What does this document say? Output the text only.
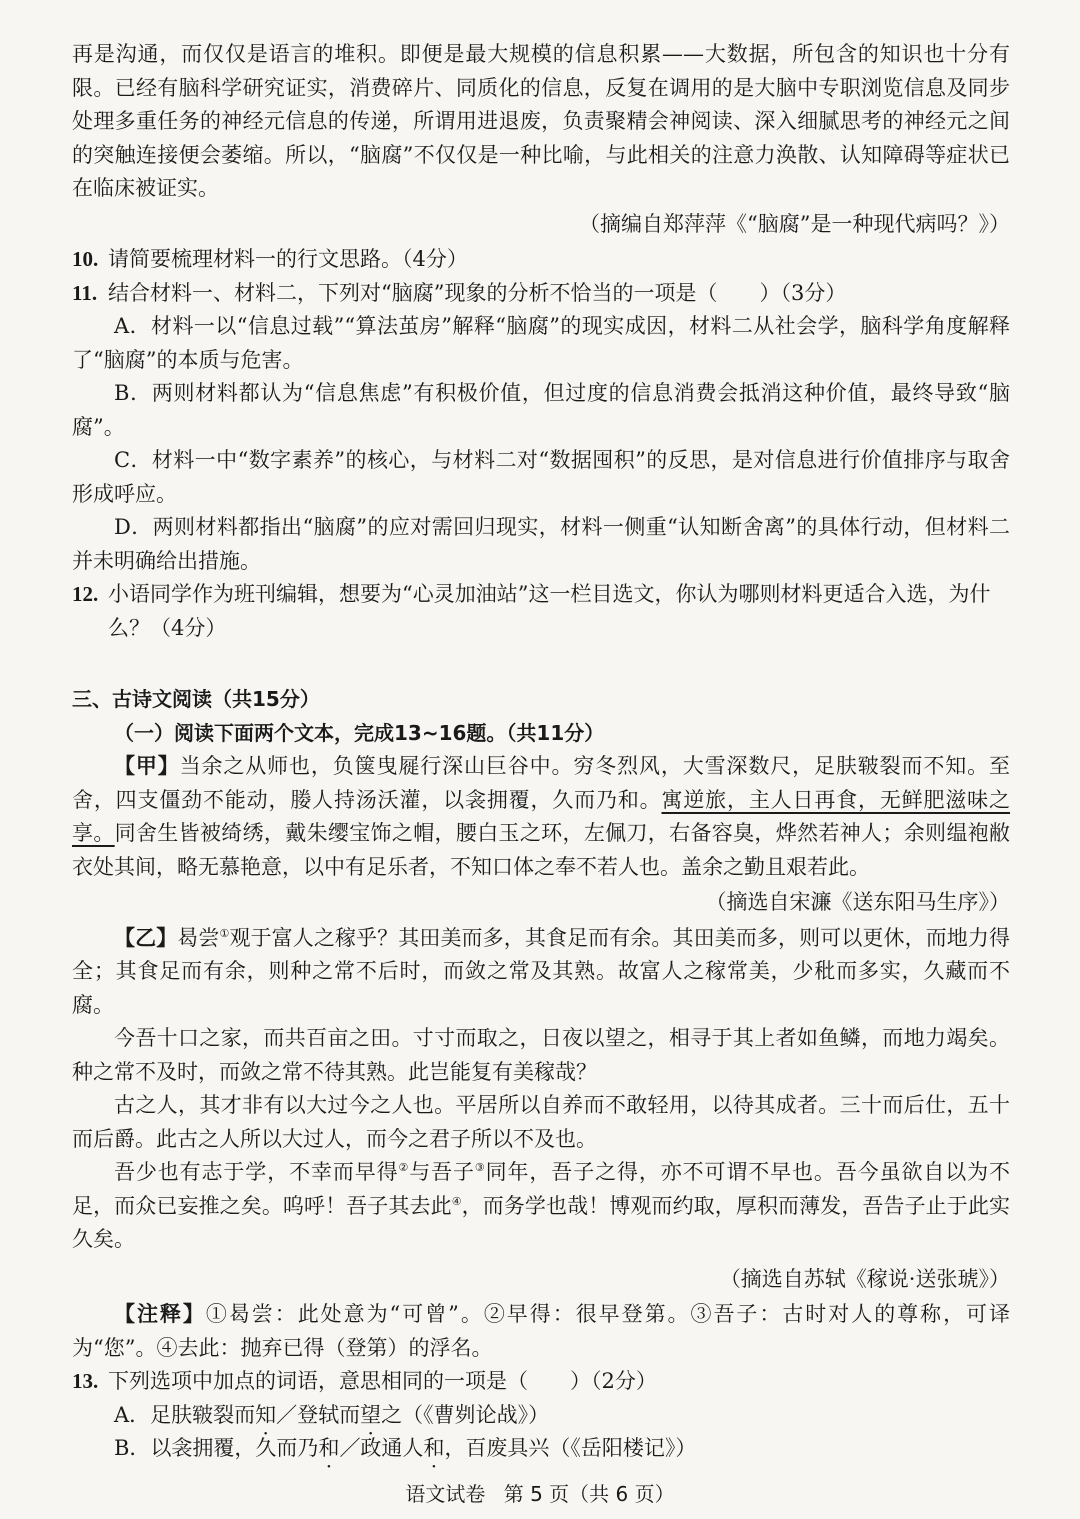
再是沟通，而仅仅是语言的堆积。即便是最大规模的信息积累——大数据，所包含的知识也十分有限。已经有脑科学研究证实，消费碎片、同质化的信息，反复在调用的是大脑中专职浏览信息及同步处理多重任务的神经元信息的传递，所谓用进退废，负责聚精会神阅读、深入细腻思考的神经元之间的突触连接便会萎缩。所以，“脑腐”不仅仅是一种比喻，与此相关的注意力涣散、认知障碍等症状已在临床被证实。

（摘编自郑萍萍《“脑腐”是一种现代病吗？》）

10. 请简要梳理材料一的行文思路。（4分）
11. 结合材料一、材料二，下列对“脑腐”现象的分析不恰当的一项是（　　）（3分）

A．材料一以“信息过载”“算法茧房”解释“脑腐”的现实成因，材料二从社会学，脑科学角度解释了“脑腐”的本质与危害。

B．两则材料都认为“信息焦虑”有积极价值，但过度的信息消费会抵消这种价值，最终导致“脑腐”。

C．材料一中“数字素养”的核心，与材料二对“数据囤积”的反思，是对信息进行价值排序与取舍形成呼应。

D．两则材料都指出“脑腐”的应对需回归现实，材料一侧重“认知断舍离”的具体行动，但材料二并未明确给出措施。

12. 小语同学作为班刊编辑，想要为“心灵加油站”这一栏目选文，你认为哪则材料更适合入选，为什么？（4分）

三、古诗文阅读（共15分）

（一）阅读下面两个文本，完成13~16题。（共11分）

【甲】当余之从师也，负箧曳屣行深山巨谷中。穷冬烈风，大雪深数尺，足肤皲裂而不知。至舍，四支僵劲不能动，媵人持汤沃灌，以衾拥覆，久而乃和。寓逆旅，主人日再食，无鲜肥滋味之享。同舍生皆被绮绣，戴朱缨宝饰之帽，腰白玉之环，左佩刀，右备容臭，烨然若神人；余则缊袍敝衣处其间，略无慕艳意，以中有足乐者，不知口体之奉不若人也。盖余之勤且艰若此。

（摘选自宋濂《送东阳马生序》）

【乙】曷尝①观于富人之稼乎？其田美而多，其食足而有余。其田美而多，则可以更休，而地力得全；其食足而有余，则种之常不后时，而敛之常及其熟。故富人之稼常美，少秕而多实，久藏而不腐。

今吾十口之家，而共百亩之田。寸寸而取之，日夜以望之，相寻于其上者如鱼鳞，而地力竭矣。种之常不及时，而敛之常不待其熟。此岂能复有美稼哉？

古之人，其才非有以大过今之人也。平居所以自养而不敢轻用，以待其成者。三十而后仕，五十而后爵。此古之人所以大过人，而今之君子所以不及也。

吾少也有志于学，不幸而早得②与吾子③同年，吾子之得，亦不可谓不早也。吾今虽欲自以为不足，而众已妄推之矣。呜呼！吾子其去此④，而务学也哉！博观而约取，厚积而薄发，吾告子止于此实久矣。

（摘选自苏轼《稼说·送张琥》）

【注释】①曷尝：此处意为“可曾”。②早得：很早登第。③吾子：古时对人的尊称，可译为“您”。④去此：抛弃已得（登第）的浮名。

13. 下列选项中加点的词语，意思相同的一项是（　　）（2分）

A．足肤皲裂而知／登轼而望之（《曹刿论战》）

B．以衾拥覆，久而乃和／政通人和，百废具兴（《岳阳楼记》）

语文试卷 第 5 页（共 6 页）
